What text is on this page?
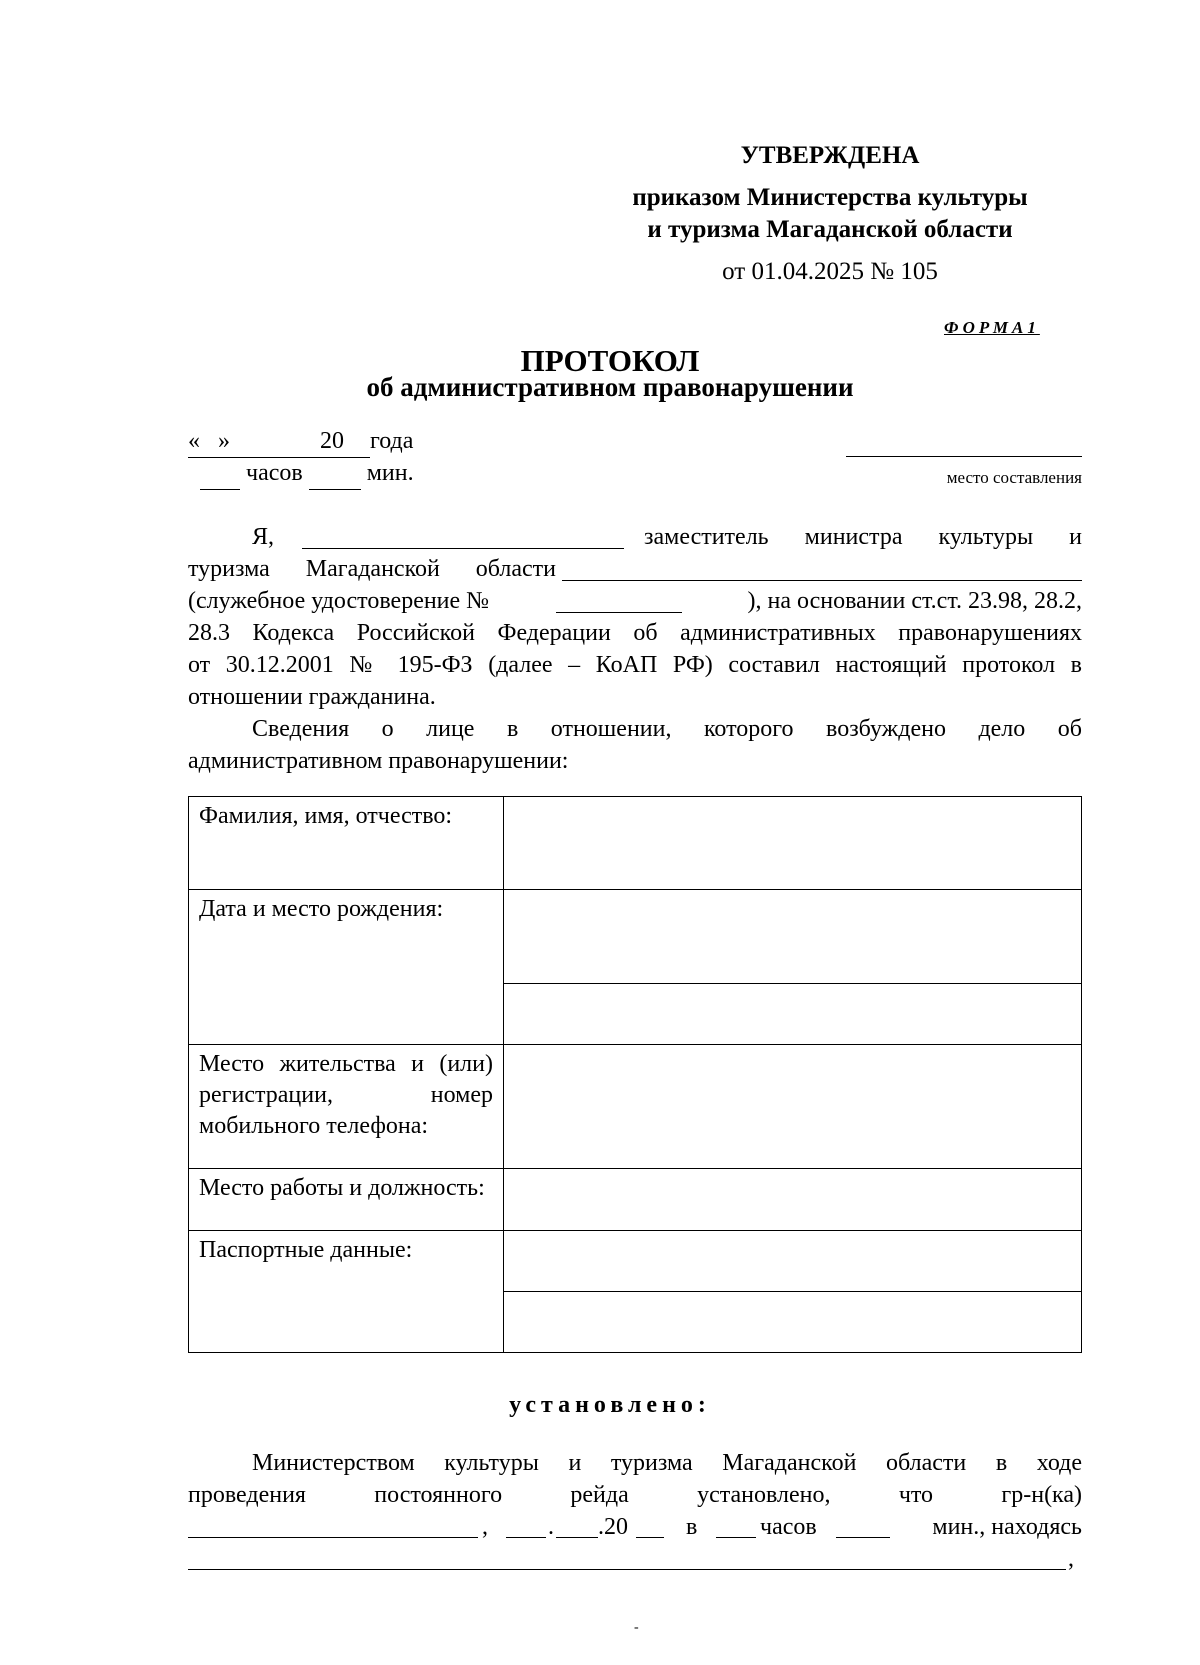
УТВЕРЖДЕНА
приказом Министерства культуры
и туризма Магаданской области
от 01.04.2025 № 105
ФОРМА1
ПРОТОКОЛ
об административном правонарушении
« »	20 года
часов	мин.	место составления
Я,	заместитель министра культуры и
туризма Магаданской области
(служебное удостоверение №	), на основании ст.ст. 23.98, 28.2,
28.3 Кодекса Российской Федерации об административных правонарушениях
от 30.12.2001 № 195-ФЗ (далее – КоАП РФ) составил настоящий протокол в
отношении гражданина.
Сведения о лице в отношении, которого возбуждено дело об
административном правонарушении:
Фамилия, имя, отчество:	

Дата и место рождения:	

Место жительства и (или) регистрации, номер мобильного телефона:	

Место работы и должность:	

Паспортные данные:	

установлено:
Министерством культуры и туризма Магаданской области в ходе
проведения постоянного рейда установлено, что гр-н(ка)
,	. .20 в	часов	мин., находясь
,
-
